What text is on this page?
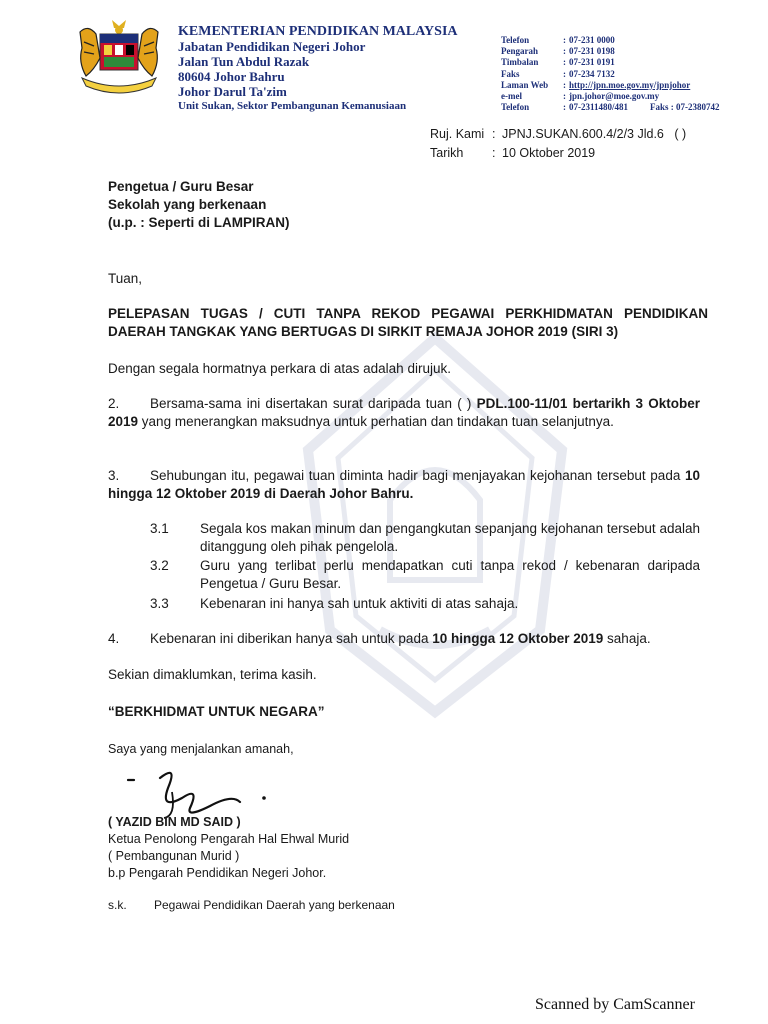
KEMENTERIAN PENDIDIKAN MALAYSIA
Jabatan Pendidikan Negeri Johor
Jalan Tun Abdul Razak
80604 Johor Bahru
Johor Darul Ta'zim
Unit Sukan, Sektor Pembangunan Kemanusiaan
Telefon	: 07-231 0000
Pengarah	: 07-231 0198
Timbalan	: 07-231 0191
Faks	: 07-234 7132
Laman Web : http://jpn.moe.gov.my/jpnjohor
e-mel	: jpn.johor@moe.gov.my
Telefon	: 07-2311480/481 Faks : 07-2380742
Ruj. Kami : JPNJ.SUKAN.600.4/2/3 Jld.6 ( )
Tarikh : 10 Oktober 2019
Pengetua / Guru Besar
Sekolah yang berkenaan
(u.p. : Seperti di LAMPIRAN)
Tuan,
PELEPASAN TUGAS / CUTI TANPA REKOD PEGAWAI PERKHIDMATAN PENDIDIKAN DAERAH TANGKAK YANG BERTUGAS DI SIRKIT REMAJA JOHOR 2019 (SIRI 3)
Dengan segala hormatnya perkara di atas adalah dirujuk.
2. Bersama-sama ini disertakan surat daripada tuan ( ) PDL.100-11/01 bertarikh 3 Oktober 2019 yang menerangkan maksudnya untuk perhatian dan tindakan tuan selanjutnya.
3. Sehubungan itu, pegawai tuan diminta hadir bagi menjayakan kejohanan tersebut pada 10 hingga 12 Oktober 2019 di Daerah Johor Bahru.
3.1 Segala kos makan minum dan pengangkutan sepanjang kejohanan tersebut adalah ditanggung oleh pihak pengelola.
3.2 Guru yang terlibat perlu mendapatkan cuti tanpa rekod / kebenaran daripada Pengetua / Guru Besar.
3.3 Kebenaran ini hanya sah untuk aktiviti di atas sahaja.
4. Kebenaran ini diberikan hanya sah untuk pada 10 hingga 12 Oktober 2019 sahaja.
Sekian dimaklumkan, terima kasih.
“BERKHIDMAT UNTUK NEGARA”
Saya yang menjalankan amanah,
( YAZID BIN MD SAID )
Ketua Penolong Pengarah Hal Ehwal Murid
( Pembangunan Murid )
b.p Pengarah Pendidikan Negeri Johor.
s.k. Pegawai Pendidikan Daerah yang berkenaan
Scanned by CamScanner
